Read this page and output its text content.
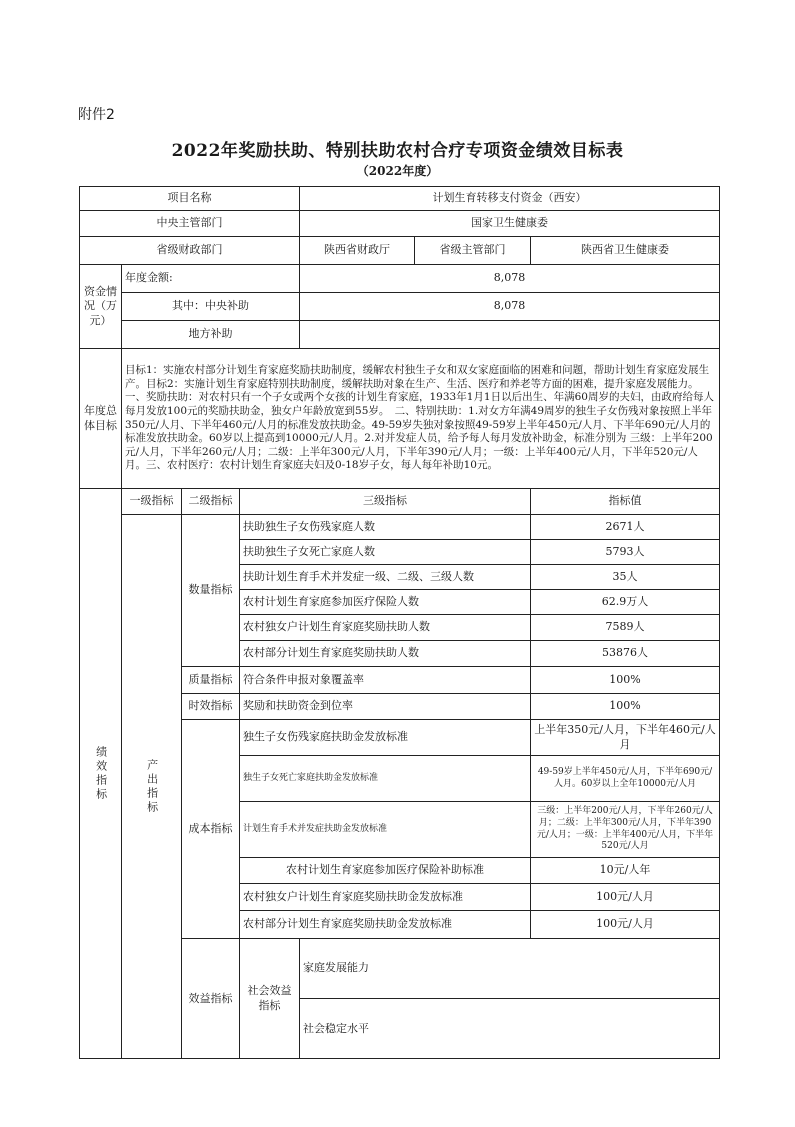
附件2
2022年奖励扶助、特别扶助农村合疗专项资金绩效目标表
（2022年度）
项目名称				计划生育转移支付资金（西安）			
中央主管部门				国家卫生健康委			
省级财政部门				陕西省财政厅	省级主管部门	陕西省卫生健康委	
资金情况（万元）	年度金额:			8,078			
	其中：中央补助			8,078			
	地方补助						
年度总体目标	目标1：实施农村部分计划生育家庭奖励扶助制度，缓解农村独生子女和双女家庭面临的困难和问题，帮助计划生育家庭发展生产。目标2：实施计划生育家庭特别扶助制度，缓解扶助对象在生产、生活、医疗和养老等方面的困难，提升家庭发展能力。一、奖励扶助：对农村只有一个子女或两个女孩的计划生育家庭，1933年1月1日以后出生、年满60周岁的夫妇，由政府给每人每月发放100元的奖励扶助金，独女户年龄放宽到55岁。　二、特别扶助：1.对女方年满49周岁的独生子女伤残对象按照上半年350元/人月、下半年460元/人月的标准发放扶助金。49-59岁失独对象按照49-59岁上半年450元/人月、下半年690元/人月的标准发放扶助金。60岁以上提高到10000元/人月。2.对并发症人员，给予每人每月发放补助金，标准分别为 三级：上半年200元/人月，下半年260元/人月；二级：上半年300元/人月，下半年390元/人月；一级：上半年400元/人月，下半年520元/人月。三、农村医疗：农村计划生育家庭夫妇及0-18岁子女，每人每年补助10元。						

绩效指标	一级指标	二级指标	三级指标			指标值	

	产出指标	数量指标	扶助独生子女伤残家庭人数			2671人	
			扶助独生子女死亡家庭人数			5793人	
			扶助计划生育手术并发症一级、二级、三级人数			35人	
			农村计划生育家庭参加医疗保险人数			62.9万人	
			农村独女户计划生育家庭奖励扶助人数			7589人	
			农村部分计划生育家庭奖励扶助人数			53876人	
		质量指标	符合条件申报对象覆盖率			100%	
		时效指标	奖励和扶助资金到位率			100%	
		成本指标	独生子女伤残家庭扶助金发放标准			上半年350元/人月，下半年460元/人月	
			独生子女死亡家庭扶助金发放标准			49-59岁上半年450元/人月，下半年690元/人月。60岁以上全年10000元/人月	
			计划生育手术并发症扶助金发放标准			三级：上半年200元/人月，下半年260元/人月；二级：上半年300元/人月，下半年390元/人月；一级：上半年400元/人月，下半年520元/人月	
			农村计划生育家庭参加医疗保险补助标准			10元/人年	
			农村独女户计划生育家庭奖励扶助金发放标准			100元/人月	
			农村部分计划生育家庭奖励扶助金发放标准			100元/人月	
		效益指标	社会效益指标	家庭发展能力	
				社会稳定水平	
